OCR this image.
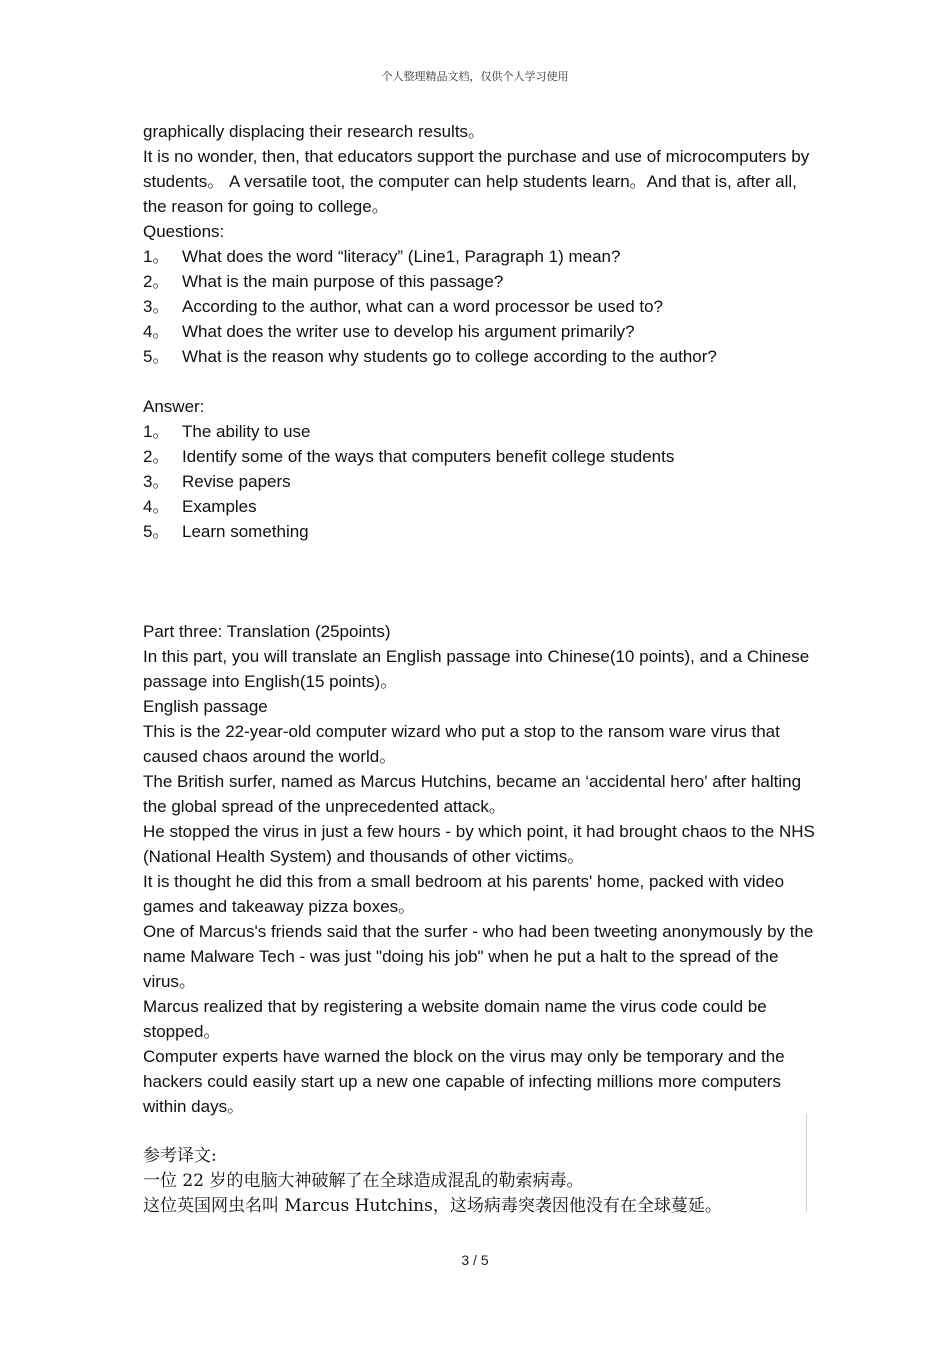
个人整理精品文档，仅供个人学习使用

graphically displacing their research results。

It is no wonder, then, that educators support the purchase and use of microcomputers by students。 A versatile toot, the computer can help students learn。And that is, after all, the reason for going to college。

Questions:

1。 What does the word “literacy” (Line1, Paragraph 1) mean?
2。 What is the main purpose of this passage?
3。 According to the author, what can a word processor be used to?
4。 What does the writer use to develop his argument primarily?
5。 What is the reason why students go to college according to the author?

Answer:

1。 The ability to use
2。 Identify some of the ways that computers benefit college students
3。 Revise papers
4。 Examples
5。 Learn something

Part three: Translation (25points)

In this part, you will translate an English passage into Chinese(10 points), and a Chinese passage into English(15 points)。

English passage

This is the 22-year-old computer wizard who put a stop to the ransom ware virus that caused chaos around the world。

The British surfer, named as Marcus Hutchins, became an ‘accidental hero' after halting the global spread of the unprecedented attack。

He stopped the virus in just a few hours - by which point, it had brought chaos to the NHS (National Health System) and thousands of other victims。

It is thought he did this from a small bedroom at his parents' home, packed with video games and takeaway pizza boxes。

One of Marcus's friends said that the surfer - who had been tweeting anonymously by the name Malware Tech - was just "doing his job" when he put a halt to the spread of the virus。

Marcus realized that by registering a website domain name the virus code could be stopped。

Computer experts have warned the block on the virus may only be temporary and the hackers could easily start up a new one capable of infecting millions more computers within days。

参考译文:

一位 22 岁的电脑大神破解了在全球造成混乱的勒索病毒。

这位英国网虫名叫 Marcus Hutchins，这场病毒突袭因他没有在全球蔓延。

3 / 5
